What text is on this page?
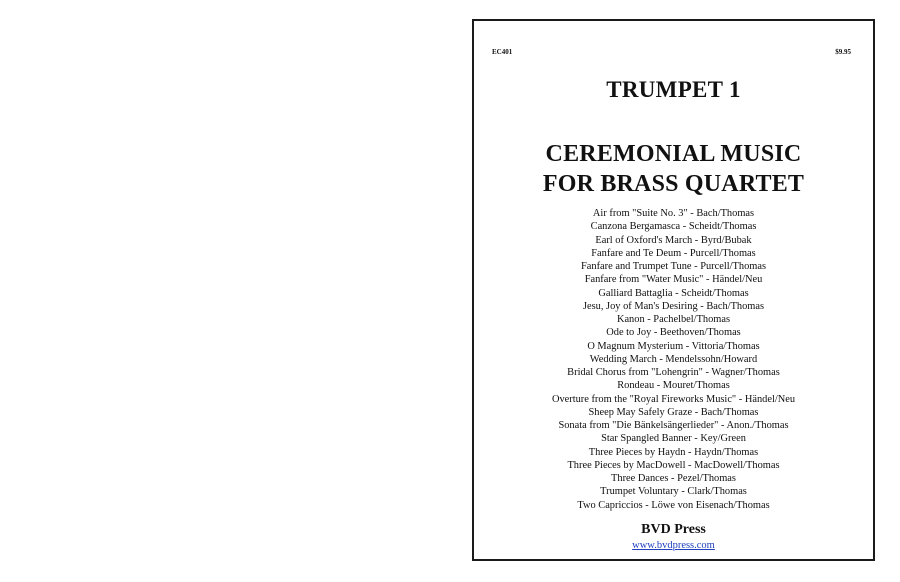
EC401	$9.95
TRUMPET 1
CEREMONIAL MUSIC
FOR BRASS QUARTET
Air from "Suite No. 3" - Bach/Thomas
Canzona Bergamasca - Scheidt/Thomas
Earl of Oxford's March - Byrd/Bubak
Fanfare and Te Deum - Purcell/Thomas
Fanfare and Trumpet Tune - Purcell/Thomas
Fanfare from "Water Music" - Händel/Neu
Galliard Battaglia - Scheidt/Thomas
Jesu, Joy of Man's Desiring - Bach/Thomas
Kanon - Pachelbel/Thomas
Ode to Joy - Beethoven/Thomas
O Magnum Mysterium - Vittoria/Thomas
Wedding March - Mendelssohn/Howard
Bridal Chorus from "Lohengrin" - Wagner/Thomas
Rondeau - Mouret/Thomas
Overture from the "Royal Fireworks Music" - Händel/Neu
Sheep May Safely Graze - Bach/Thomas
Sonata from "Die Bänkelsängerlieder" - Anon./Thomas
Star Spangled Banner - Key/Green
Three Pieces by Haydn - Haydn/Thomas
Three Pieces by MacDowell - MacDowell/Thomas
Three Dances - Pezel/Thomas
Trumpet Voluntary - Clark/Thomas
Two Capriccios - Löwe von Eisenach/Thomas
BVD Press
www.bvdpress.com
